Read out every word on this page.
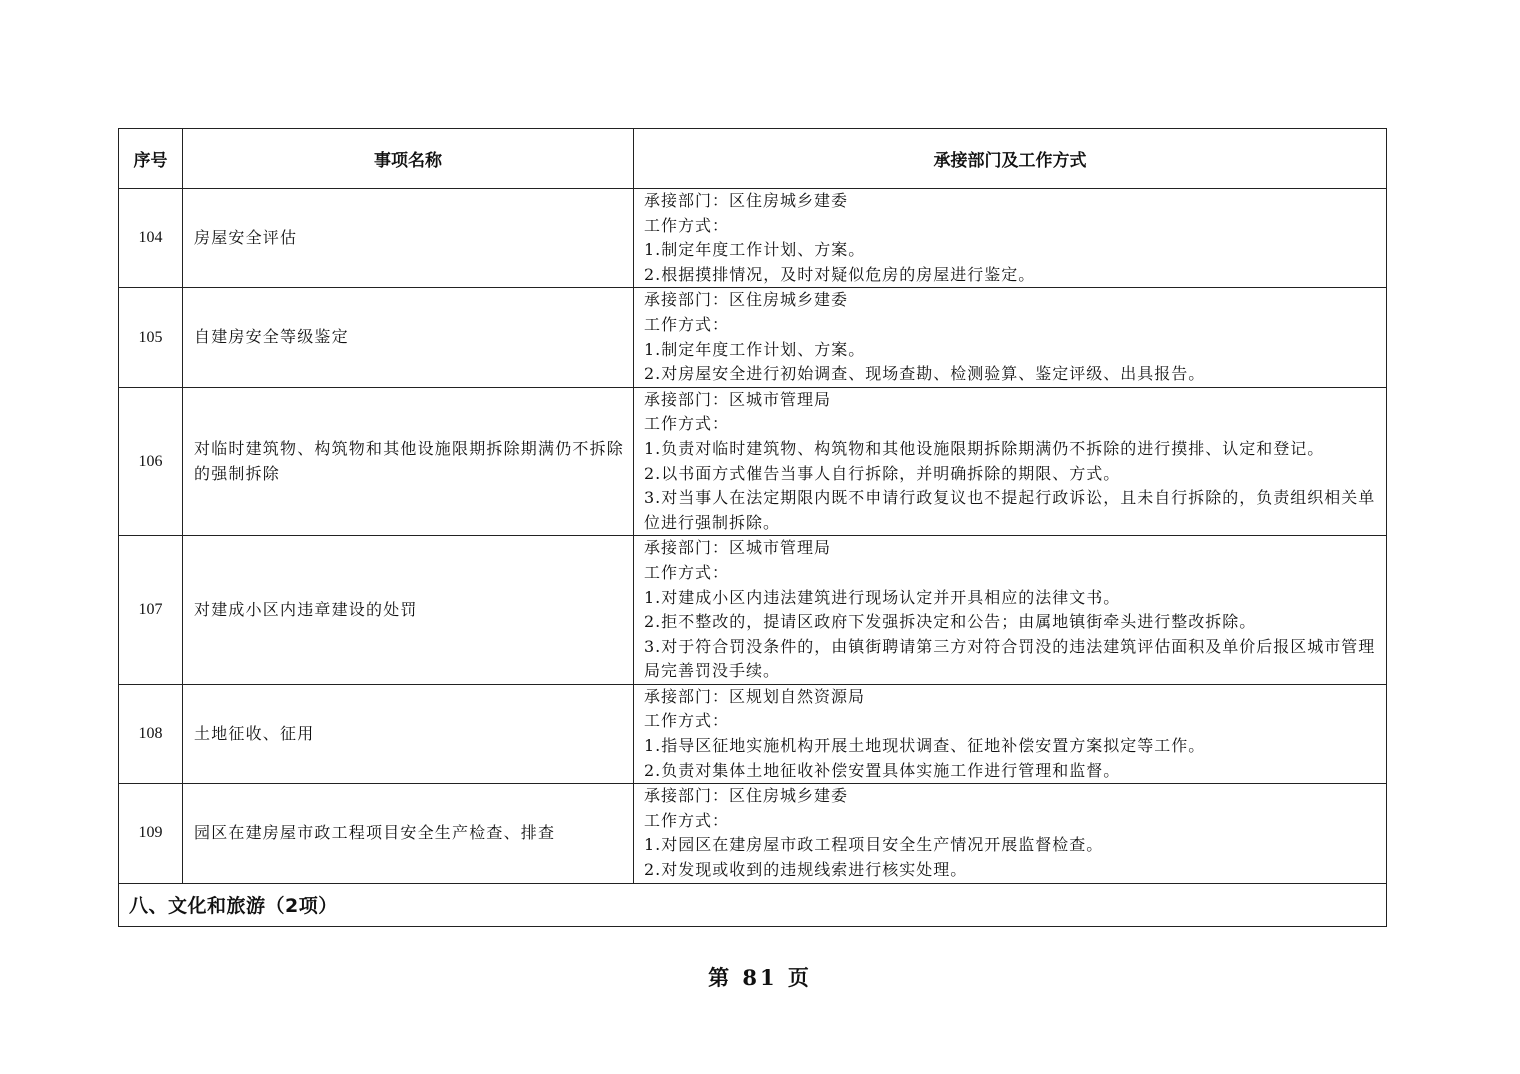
序号	事项名称	承接部门及工作方式
104	房屋安全评估	承接部门：区住房城乡建委
工作方式：
1.制定年度工作计划、方案。
2.根据摸排情况，及时对疑似危房的房屋进行鉴定。

105	自建房安全等级鉴定	承接部门：区住房城乡建委
工作方式：
1.制定年度工作计划、方案。
2.对房屋安全进行初始调查、现场查勘、检测验算、鉴定评级、出具报告。

106	对临时建筑物、构筑物和其他设施限期拆除期满仍不拆除的强制拆除	承接部门：区城市管理局
工作方式：
1.负责对临时建筑物、构筑物和其他设施限期拆除期满仍不拆除的进行摸排、认定和登记。
2.以书面方式催告当事人自行拆除，并明确拆除的期限、方式。
3.对当事人在法定期限内既不申请行政复议也不提起行政诉讼，且未自行拆除的，负责组织相关单位进行强制拆除。

107	对建成小区内违章建设的处罚	承接部门：区城市管理局
工作方式：
1.对建成小区内违法建筑进行现场认定并开具相应的法律文书。
2.拒不整改的，提请区政府下发强拆决定和公告；由属地镇街牵头进行整改拆除。
3.对于符合罚没条件的，由镇街聘请第三方对符合罚没的违法建筑评估面积及单价后报区城市管理局完善罚没手续。

108	土地征收、征用	承接部门：区规划自然资源局
工作方式：
1.指导区征地实施机构开展土地现状调查、征地补偿安置方案拟定等工作。
2.负责对集体土地征收补偿安置具体实施工作进行管理和监督。

109	园区在建房屋市政工程项目安全生产检查、排查	承接部门：区住房城乡建委
工作方式：
1.对园区在建房屋市政工程项目安全生产情况开展监督检查。
2.对发现或收到的违规线索进行核实处理。

八、文化和旅游（2项）		
第 81 页
